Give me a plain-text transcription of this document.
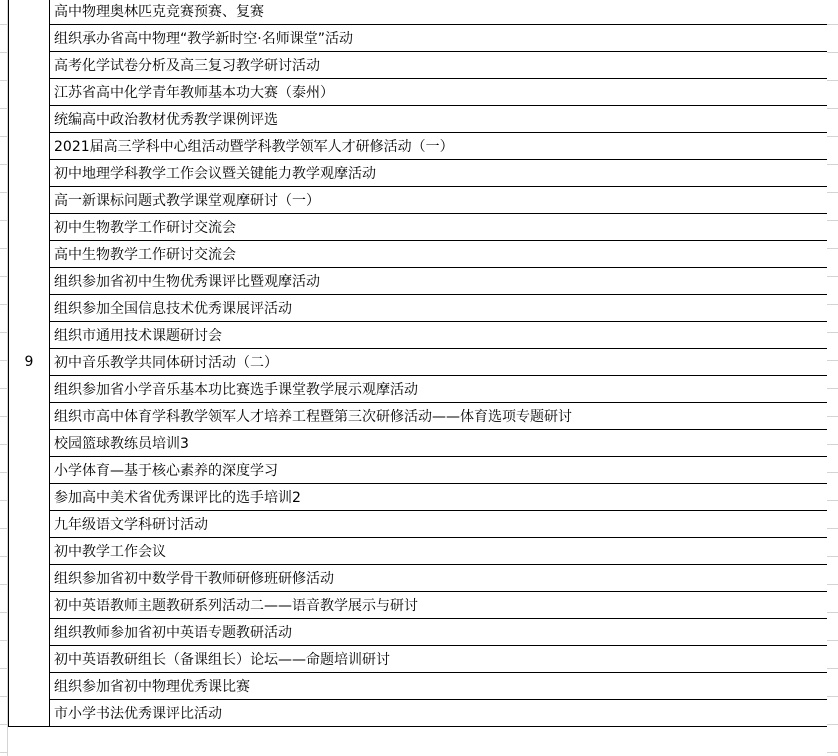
9	高中物理奥林匹克竞赛预赛、复赛
组织承办省高中物理“教学新时空·名师课堂”活动
高考化学试卷分析及高三复习教学研讨活动
江苏省高中化学青年教师基本功大赛（泰州）
统编高中政治教材优秀教学课例评选
2021届高三学科中心组活动暨学科教学领军人才研修活动（一）
初中地理学科教学工作会议暨关键能力教学观摩活动
高一新课标问题式教学课堂观摩研讨（一）
初中生物教学工作研讨交流会
高中生物教学工作研讨交流会
组织参加省初中生物优秀课评比暨观摩活动
组织参加全国信息技术优秀课展评活动
组织市通用技术课题研讨会
初中音乐教学共同体研讨活动（二）
组织参加省小学音乐基本功比赛选手课堂教学展示观摩活动
组织市高中体育学科教学领军人才培养工程暨第三次研修活动——体育选项专题研讨
校园篮球教练员培训3
小学体育—基于核心素养的深度学习
参加高中美术省优秀课评比的选手培训2
九年级语文学科研讨活动
初中教学工作会议
组织参加省初中数学骨干教师研修班研修活动
初中英语教师主题教研系列活动二——语音教学展示与研讨
组织教师参加省初中英语专题教研活动
初中英语教研组长（备课组长）论坛——命题培训研讨
组织参加省初中物理优秀课比赛
市小学书法优秀课评比活动
